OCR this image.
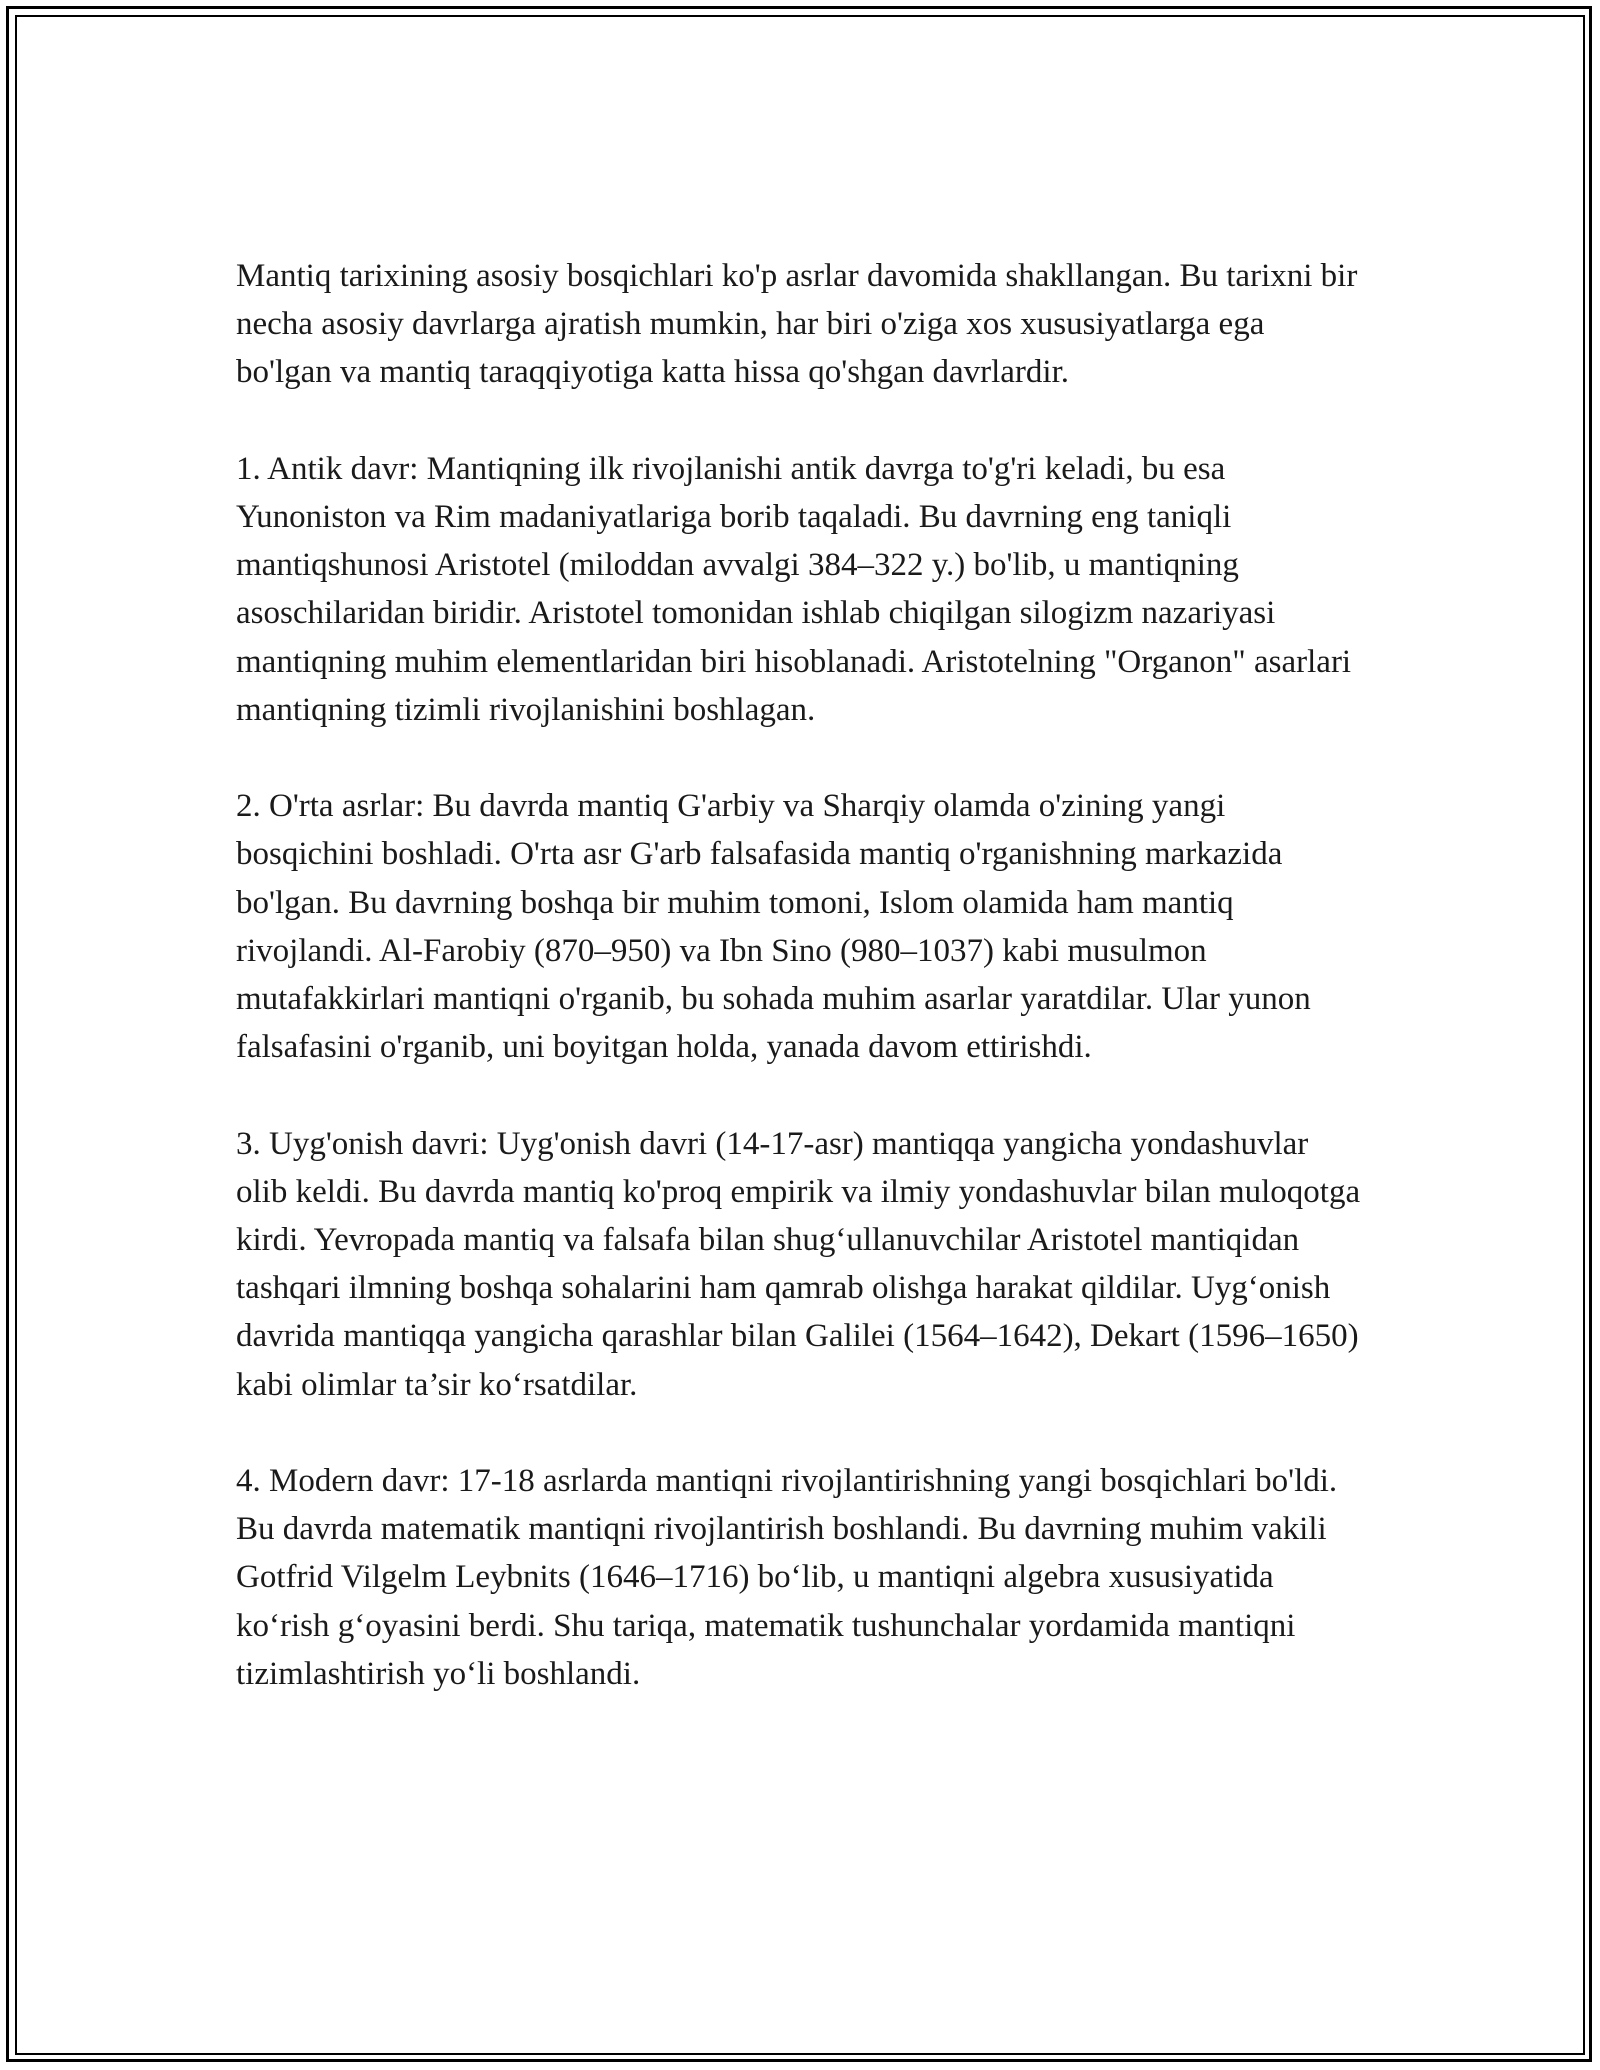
Mantiq tarixining asosiy bosqichlari ko'p asrlar davomida shakllangan. Bu tarixni bir necha asosiy davrlarga ajratish mumkin, har biri o'ziga xos xususiyatlarga ega bo'lgan va mantiq taraqqiyotiga katta hissa qo'shgan davrlardir.

1. Antik davr: Mantiqning ilk rivojlanishi antik davrga to'g'ri keladi, bu esa Yunoniston va Rim madaniyatlariga borib taqaladi. Bu davrning eng taniqli mantiqshunosi Aristotel (miloddan avvalgi 384–322 y.) bo'lib, u mantiqning asoschilaridan biridir. Aristotel tomonidan ishlab chiqilgan silogizm nazariyasi mantiqning muhim elementlaridan biri hisoblanadi. Aristotelning "Organon" asarlari mantiqning tizimli rivojlanishini boshlagan.

2. O'rta asrlar: Bu davrda mantiq G'arbiy va Sharqiy olamda o'zining yangi bosqichini boshladi. O'rta asr G'arb falsafasida mantiq o'rganishning markazida bo'lgan. Bu davrning boshqa bir muhim tomoni, Islom olamida ham mantiq rivojlandi. Al-Farobiy (870–950) va Ibn Sino (980–1037) kabi musulmon mutafakkirlari mantiqni o'rganib, bu sohada muhim asarlar yaratdilar. Ular yunon falsafasini o'rganib, uni boyitgan holda, yanada davom ettirishdi.

3. Uyg'onish davri: Uyg'onish davri (14-17-asr) mantiqqa yangicha yondashuvlar olib keldi. Bu davrda mantiq ko'proq empirik va ilmiy yondashuvlar bilan muloqotga kirdi. Yevropada mantiq va falsafa bilan shug‘ullanuvchilar Aristotel mantiqidan tashqari ilmning boshqa sohalarini ham qamrab olishga harakat qildilar. Uyg‘onish davrida mantiqqa yangicha qarashlar bilan Galilei (1564–1642), Dekart (1596–1650) kabi olimlar ta’sir ko‘rsatdilar.

4. Modern davr: 17-18 asrlarda mantiqni rivojlantirishning yangi bosqichlari bo'ldi. Bu davrda matematik mantiqni rivojlantirish boshlandi. Bu davrning muhim vakili Gotfrid Vilgelm Leybnits (1646–1716) bo‘lib, u mantiqni algebra xususiyatida ko‘rish g‘oyasini berdi. Shu tariqa, matematik tushunchalar yordamida mantiqni tizimlashtirish yo‘li boshlandi.
